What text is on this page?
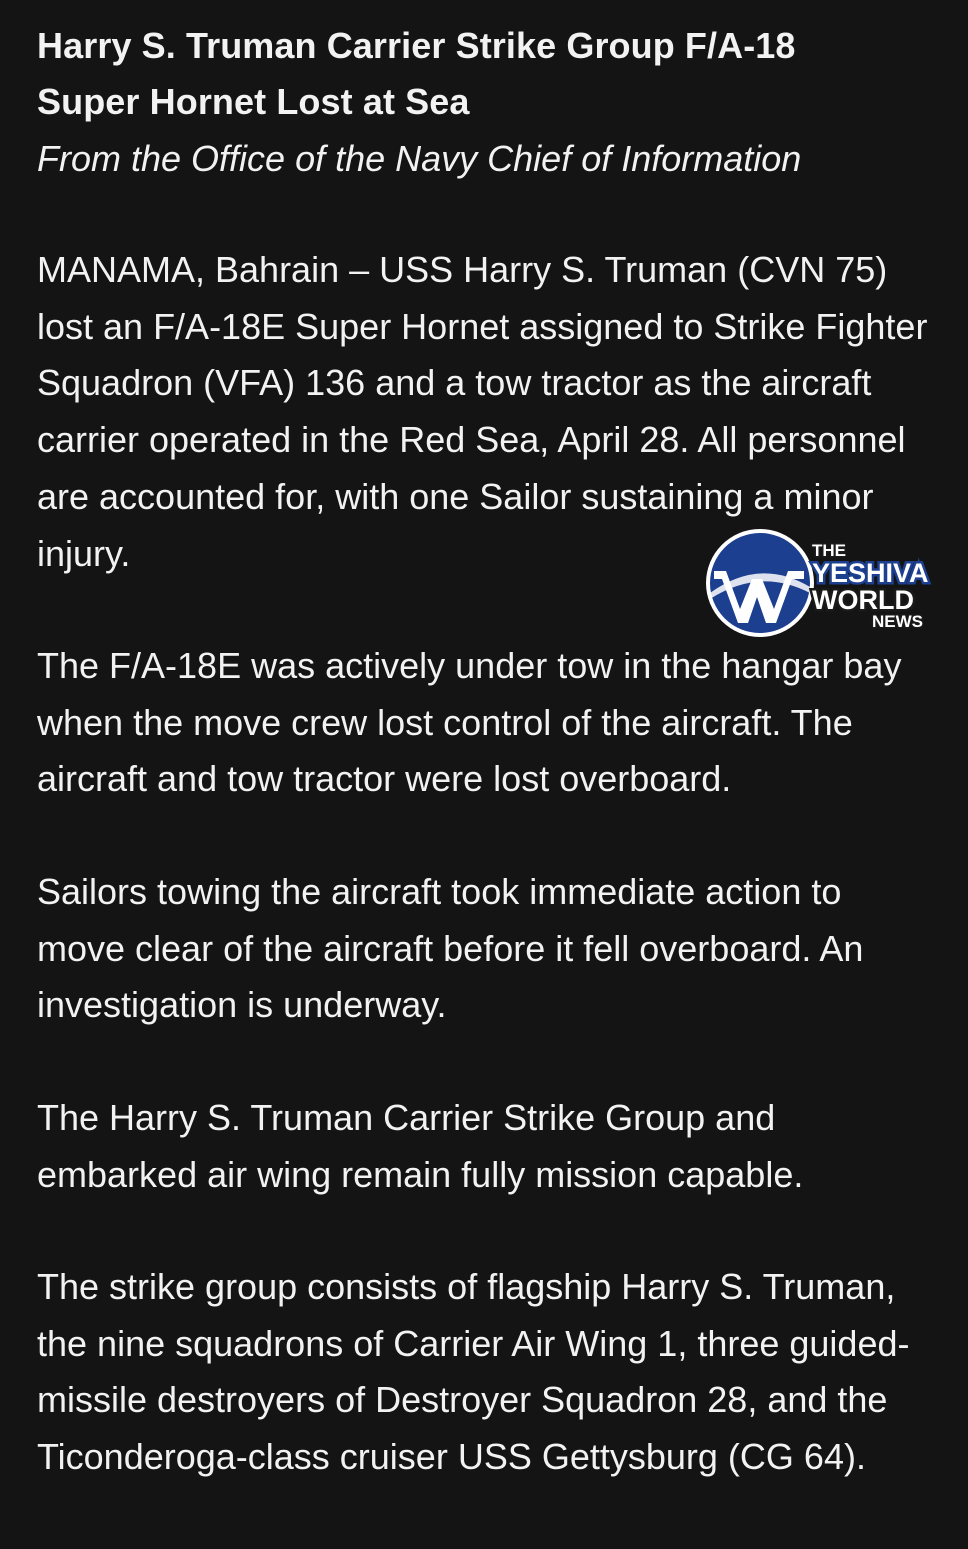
Harry S. Truman Carrier Strike Group F/A-18
Super Hornet Lost at Sea

From the Office of the Navy Chief of Information

MANAMA, Bahrain – USS Harry S. Truman (CVN 75) lost an F/A-18E Super Hornet assigned to Strike Fighter Squadron (VFA) 136 and a tow tractor as the aircraft carrier operated in the Red Sea, April 28. All personnel are accounted for, with one Sailor sustaining a minor injury.

The F/A-18E was actively under tow in the hangar bay when the move crew lost control of the aircraft. The aircraft and tow tractor were lost overboard.

Sailors towing the aircraft took immediate action to move clear of the aircraft before it fell overboard. An investigation is underway.

The Harry S. Truman Carrier Strike Group and embarked air wing remain fully mission capable.

The strike group consists of flagship Harry S. Truman, the nine squadrons of Carrier Air Wing 1, three guided-missile destroyers of Destroyer Squadron 28, and the Ticonderoga-class cruiser USS Gettysburg (CG 64).

THE
YESHIVA
WORLD
NEWS
